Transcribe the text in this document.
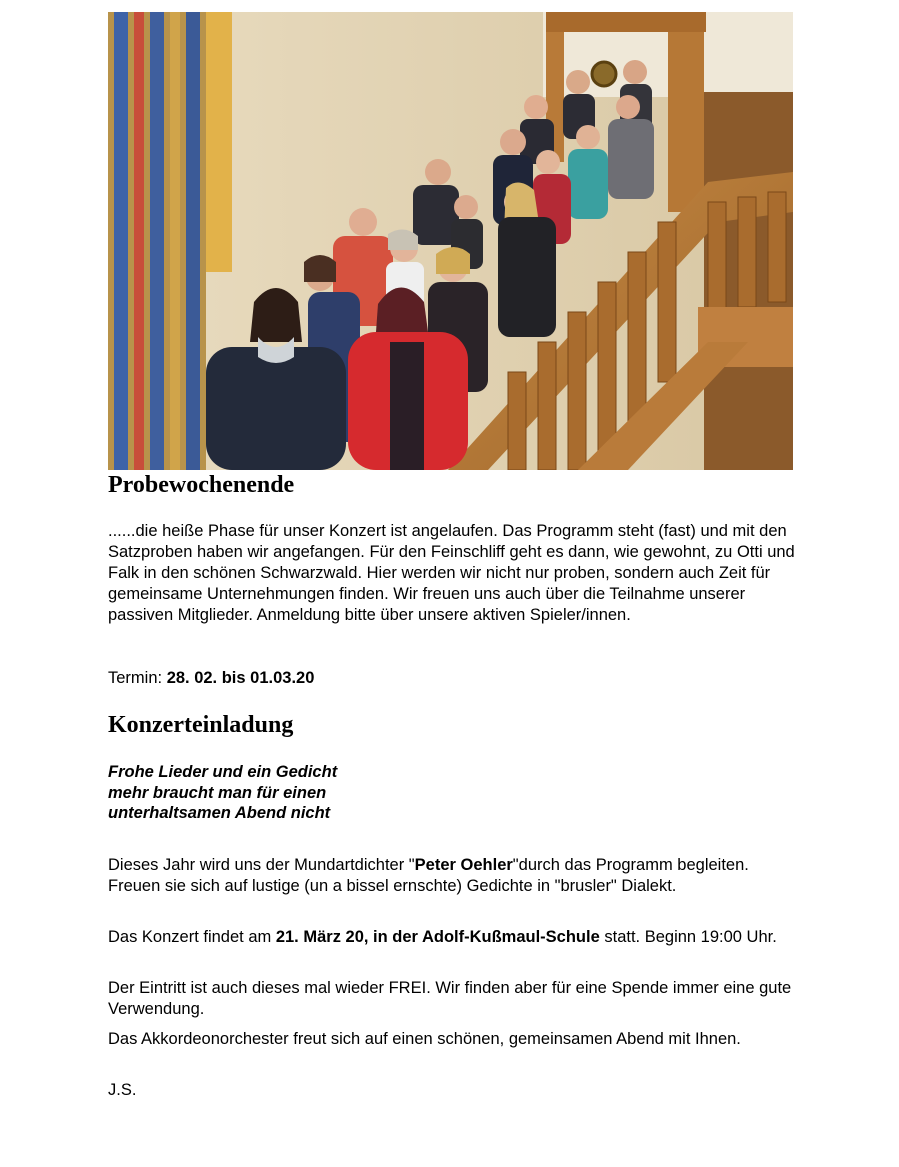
Probewochenende

......die heiße Phase für unser Konzert ist angelaufen. Das Programm steht (fast) und mit den Satzproben haben wir angefangen. Für den Feinschliff geht es dann, wie gewohnt, zu Otti und Falk in den schönen Schwarzwald. Hier werden wir nicht nur proben, sondern auch Zeit für gemeinsame Unternehmungen finden. Wir freuen uns auch über die Teilnahme unserer passiven Mitglieder. Anmeldung bitte über unsere aktiven Spieler/innen.

Termin: 28. 02. bis 01.03.20

Konzerteinladung
Frohe Lieder und ein Gedicht
mehr braucht man für einen
unterhaltsamen Abend nicht

Dieses Jahr wird uns der Mundartdichter "Peter Oehler"durch das Programm begleiten. Freuen sie sich auf lustige (un a bissel ernschte) Gedichte in "brusler" Dialekt.

Das Konzert findet am 21. März 20, in der Adolf-Kußmaul-Schule statt. Beginn 19:00 Uhr.

Der Eintritt ist auch dieses mal wieder FREI. Wir finden aber für eine Spende immer eine gute Verwendung.

Das Akkordeonorchester freut sich auf einen schönen, gemeinsamen Abend mit Ihnen.

J.S.
